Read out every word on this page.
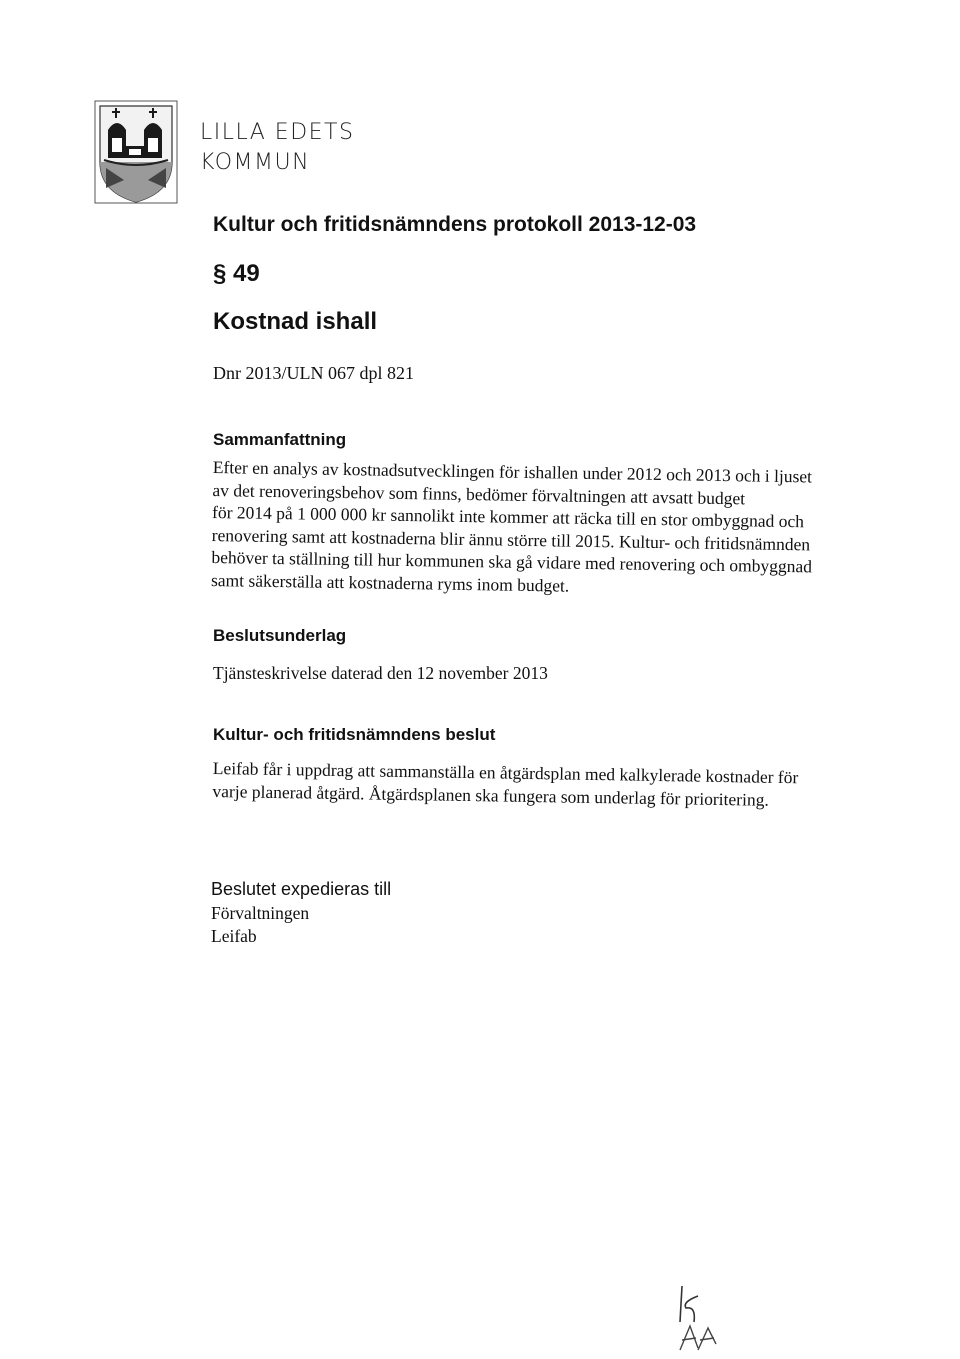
LILLA EDETS
KOMMUN
Kultur och fritidsnämndens protokoll 2013-12-03
§ 49
Kostnad ishall
Dnr 2013/ULN 067 dpl 821
Sammanfattning
Efter en analys av kostnadsutvecklingen för ishallen under 2012 och 2013 och i ljuset
av det renoveringsbehov som finns, bedömer förvaltningen att avsatt budget
för 2014 på 1 000 000 kr sannolikt inte kommer att räcka till en stor ombyggnad och
renovering samt att kostnaderna blir ännu större till 2015. Kultur- och fritidsnämnden
behöver ta ställning till hur kommunen ska gå vidare med renovering och ombyggnad
samt säkerställa att kostnaderna ryms inom budget.
Beslutsunderlag
Tjänsteskrivelse daterad den 12 november 2013
Kultur- och fritidsnämndens beslut
Leifab får i uppdrag att sammanställa en åtgärdsplan med kalkylerade kostnader för
varje planerad åtgärd. Åtgärdsplanen ska fungera som underlag för prioritering.
Beslutet expedieras till
Förvaltningen
Leifab
